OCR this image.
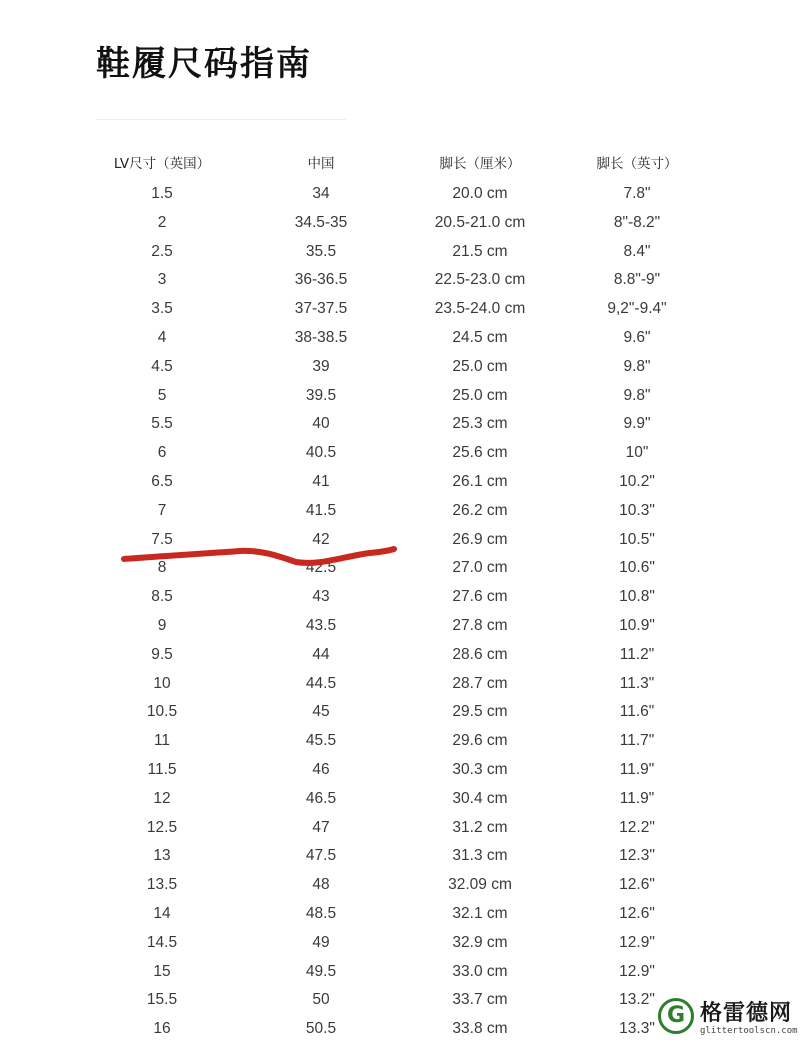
鞋履尺码指南
LV尺寸（英国）	中国	脚长（厘米）	脚长（英寸）
1.5	34	20.0 cm	7.8"
2	34.5-35	20.5-21.0 cm	8"-8.2"
2.5	35.5	21.5 cm	8.4"
3	36-36.5	22.5-23.0 cm	8.8"-9"
3.5	37-37.5	23.5-24.0 cm	9,2"-9.4"
4	38-38.5	24.5 cm	9.6"
4.5	39	25.0 cm	9.8"
5	39.5	25.0 cm	9.8"
5.5	40	25.3 cm	9.9"
6	40.5	25.6 cm	10"
6.5	41	26.1 cm	10.2"
7	41.5	26.2 cm	10.3"
7.5	42	26.9 cm	10.5"
8	42.5	27.0 cm	10.6"
8.5	43	27.6 cm	10.8"
9	43.5	27.8 cm	10.9"
9.5	44	28.6 cm	11.2"
10	44.5	28.7 cm	11.3"
10.5	45	29.5 cm	11.6"
11	45.5	29.6 cm	11.7"
11.5	46	30.3 cm	11.9"
12	46.5	30.4 cm	11.9"
12.5	47	31.2 cm	12.2"
13	47.5	31.3 cm	12.3"
13.5	48	32.09 cm	12.6"
14	48.5	32.1 cm	12.6"
14.5	49	32.9 cm	12.9"
15	49.5	33.0 cm	12.9"
15.5	50	33.7 cm	13.2"
16	50.5	33.8 cm	13.3"
G 格雷德网
glittertoolscn.com
